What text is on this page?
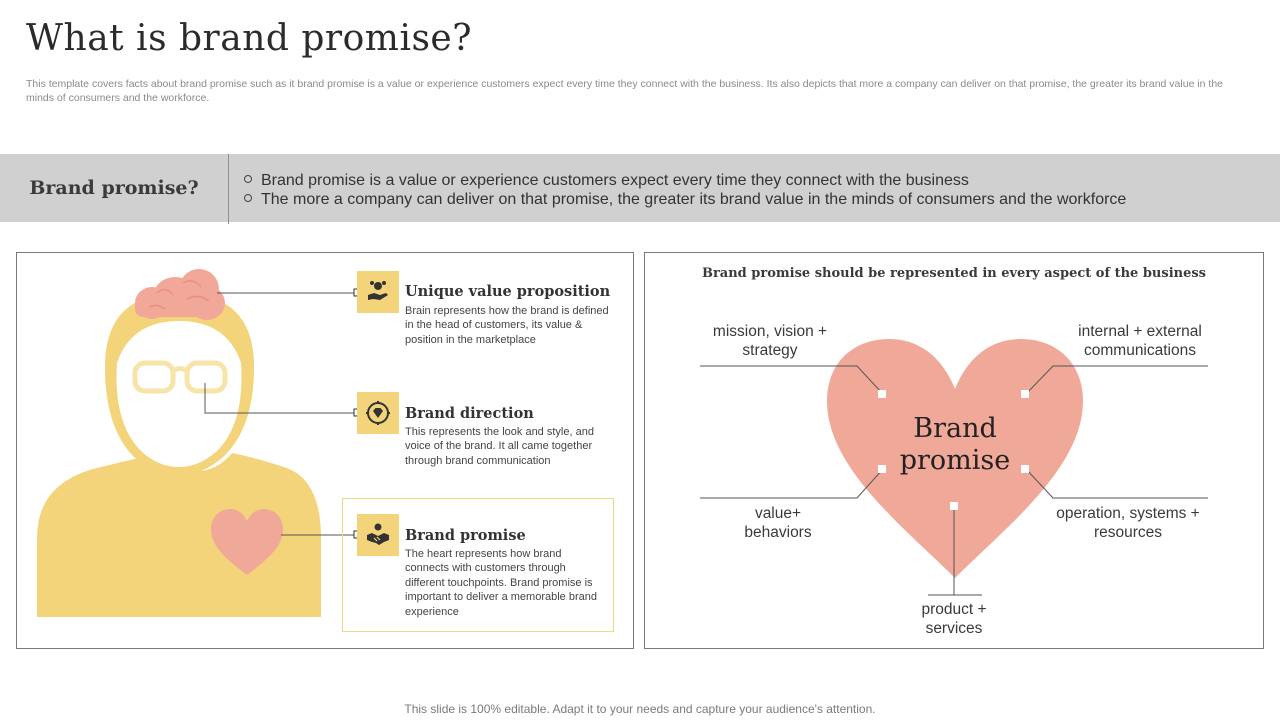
What is brand promise?
This template covers facts about brand promise such as it brand promise is a value or experience customers expect every time they connect with the business. Its also depicts that more a company can deliver on that promise, the greater its brand value in the minds of consumers and the workforce.
Brand promise?	Brand promise is a value or experience customers expect every time they connect with the business
The more a company can deliver on that promise, the greater its brand value in the minds of consumers and the workforce
Unique value proposition
Brain represents how the brand is defined in the head of customers, its value & position in the marketplace
Brand direction
This represents the look and style, and voice of the brand. It all came together through brand communication
Brand promise
The heart represents how brand connects with customers through different touchpoints. Brand promise is important to deliver a memorable brand experience
Brand promise should be represented in every aspect of the business
Brand promise
mission, vision + strategy
internal + external communications
value+ behaviors
operation, systems + resources
product + services
This slide is 100% editable. Adapt it to your needs and capture your audience's attention.
